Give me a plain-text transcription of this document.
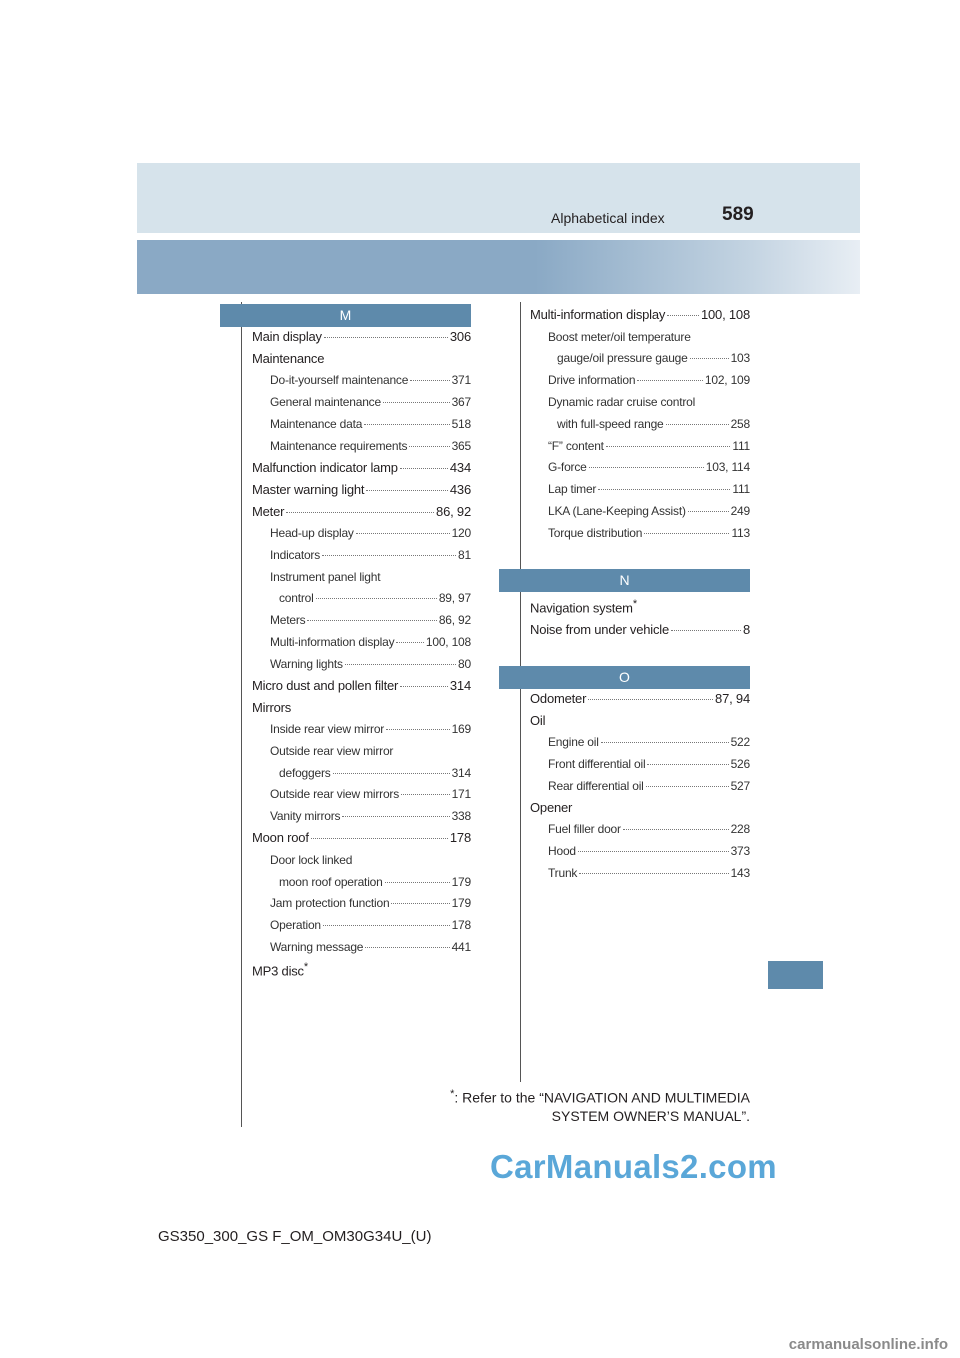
Alphabetical index	589
M
Main display	306
Maintenance
Do-it-yourself maintenance	371
General maintenance	367
Maintenance data	518
Maintenance requirements	365
Malfunction indicator lamp	434
Master warning light	436
Meter	86, 92
Head-up display	120
Indicators	81
Instrument panel light
control	89, 97
Meters	86, 92
Multi-information display	100, 108
Warning lights	80
Micro dust and pollen filter	314
Mirrors
Inside rear view mirror	169
Outside rear view mirror
defoggers	314
Outside rear view mirrors	171
Vanity mirrors	338
Moon roof	178
Door lock linked
moon roof operation	179
Jam protection function	179
Operation	178
Warning message	441
MP3 disc*
Multi-information display	100, 108
Boost meter/oil temperature
gauge/oil pressure gauge	103
Drive information	102, 109
Dynamic radar cruise control
with full-speed range	258
“F” content	111
G-force	103, 114
Lap timer	111
LKA (Lane-Keeping Assist)	249
Torque distribution	113
N
Navigation system*
Noise from under vehicle	8
O
Odometer	87, 94
Oil
Engine oil	522
Front differential oil	526
Rear differential oil	527
Opener
Fuel filler door	228
Hood	373
Trunk	143
*: Refer to the “NAVIGATION AND MULTIMEDIA
SYSTEM OWNER’S MANUAL”.
GS350_300_GS F_OM_OM30G34U_(U)
CarManuals2.com
carmanualsonline.info
